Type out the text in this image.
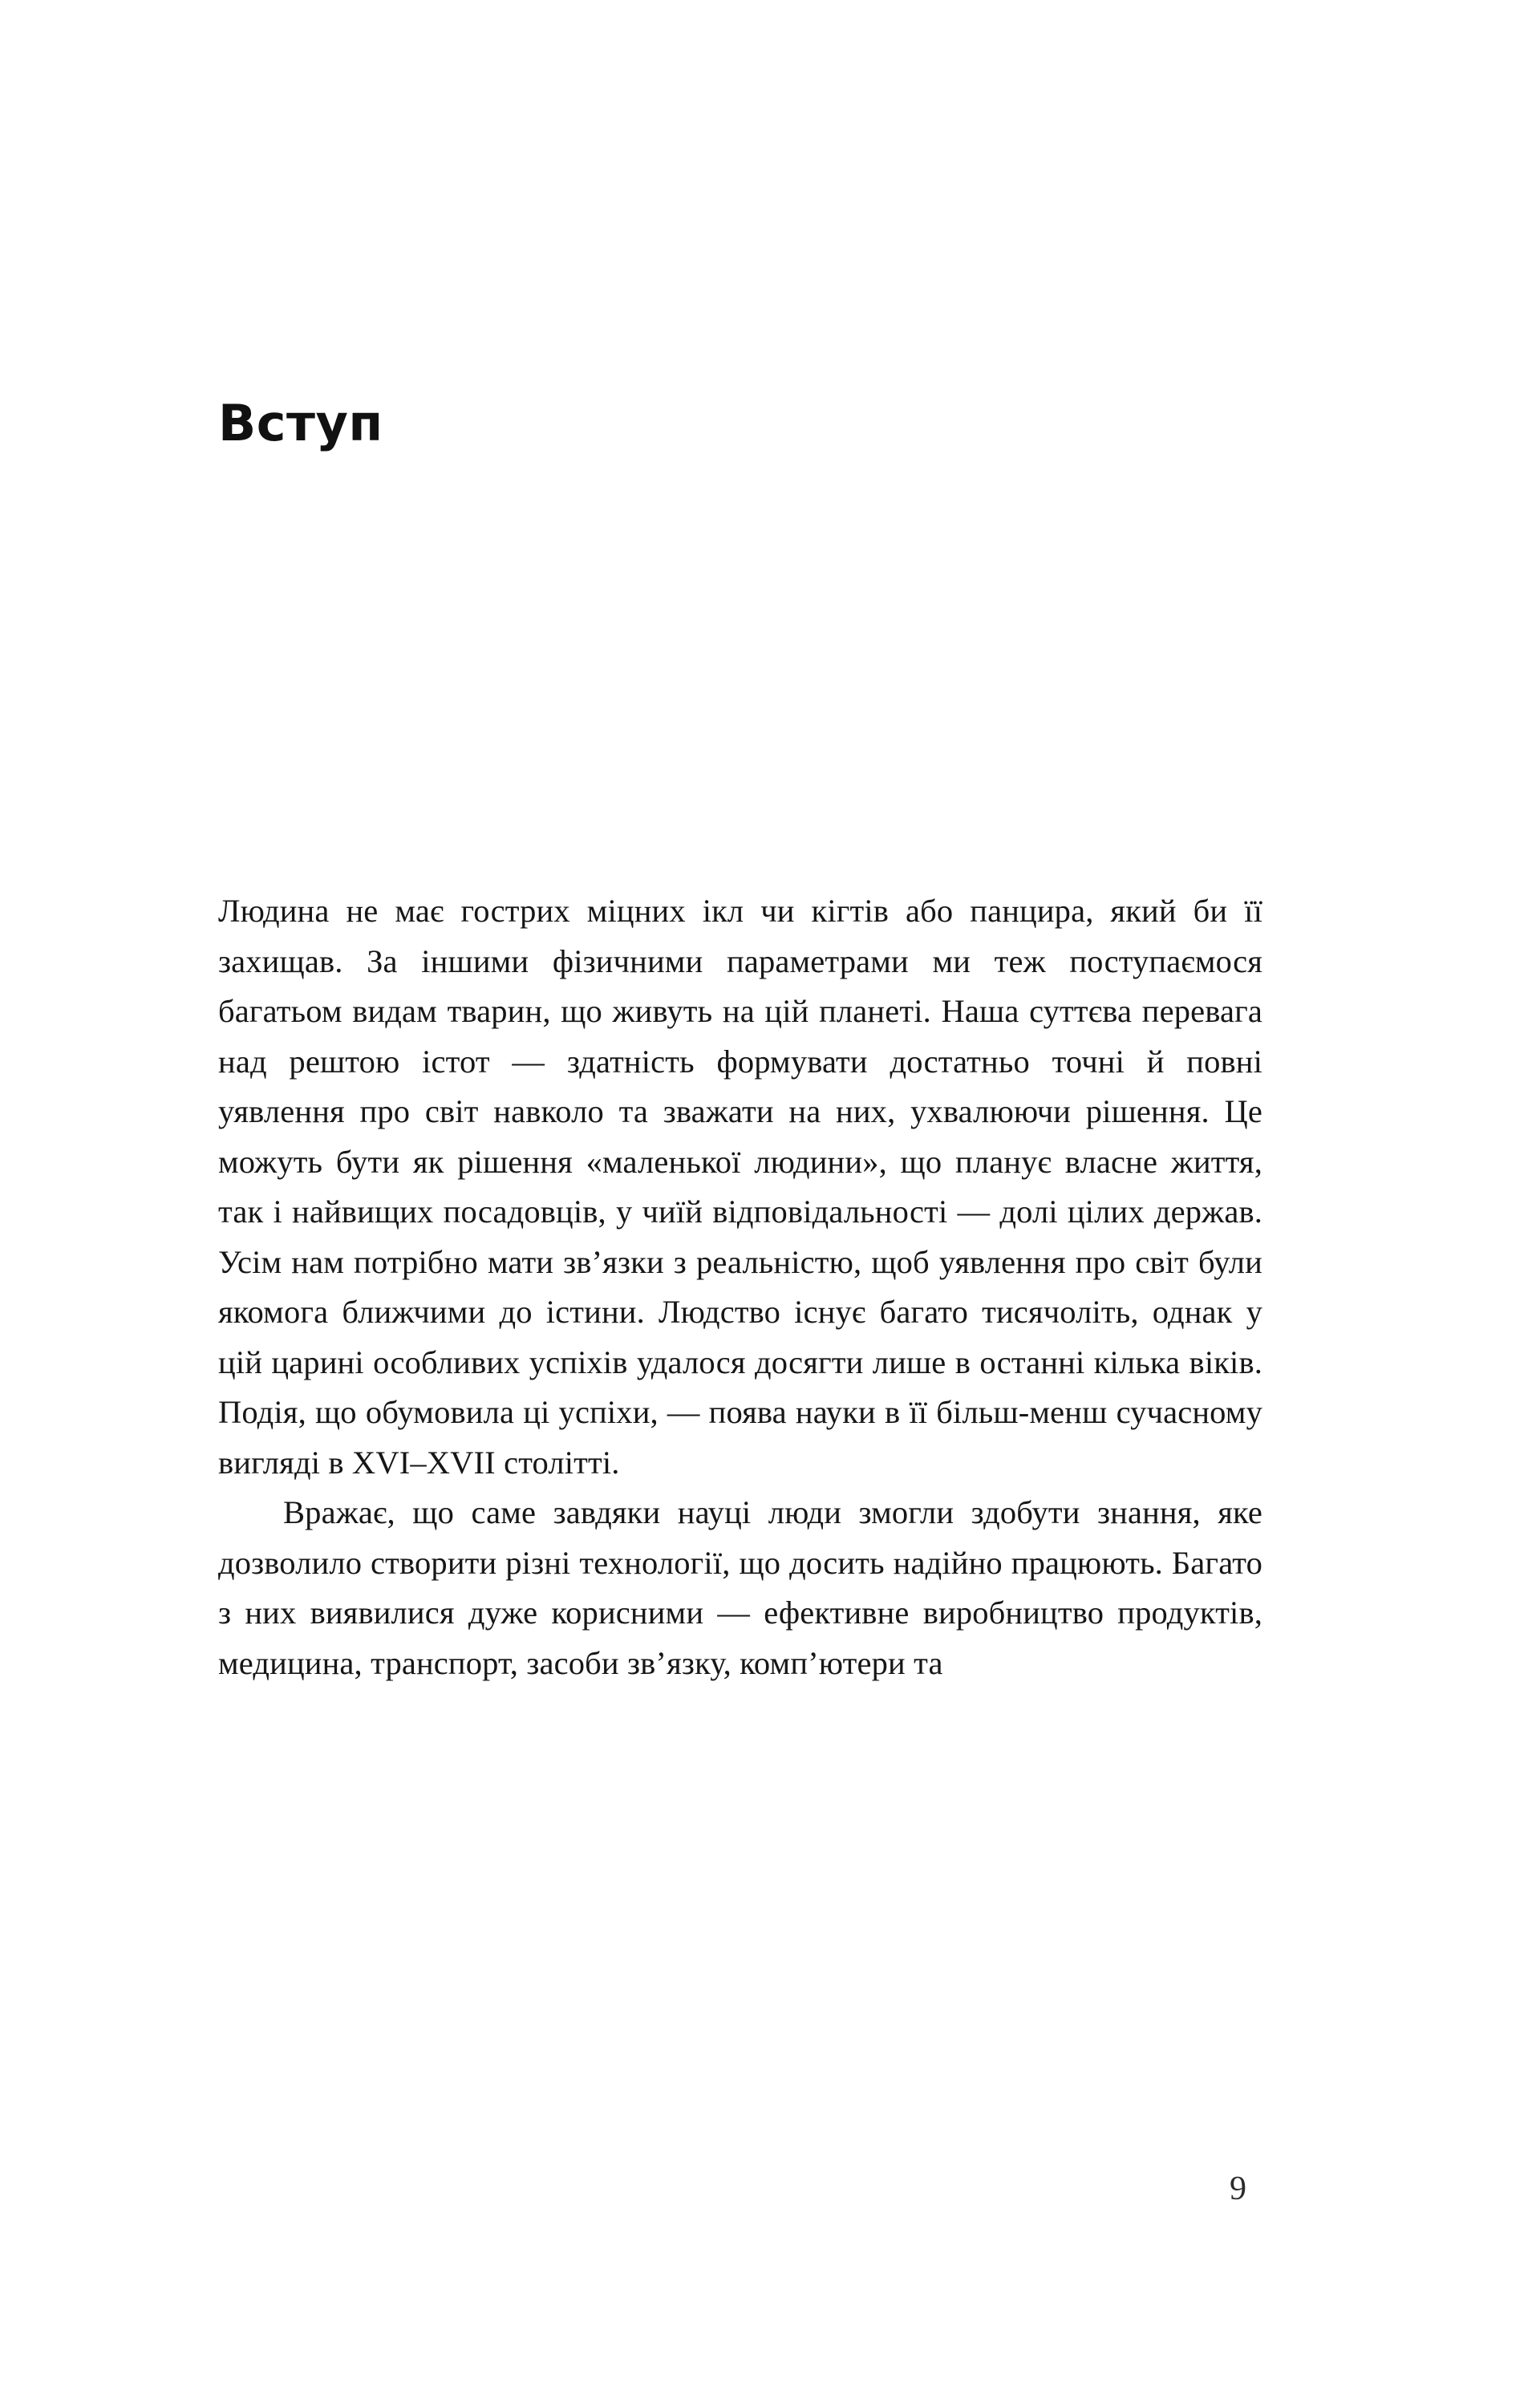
Вступ

Людина не має гострих міцних ікл чи кігтів або панцира, який би її захищав. За іншими фізичними параметрами ми теж поступаємося багатьом видам тварин, що живуть на цій планеті. Наша суттєва перевага над рештою істот — здатність формувати достатньо точні й повні уявлення про світ навколо та зважати на них, ухвалюючи рішення. Це можуть бути як рішення «маленької людини», що планує власне життя, так і найвищих посадовців, у чиїй відповідальності — долі цілих держав. Усім нам потрібно мати зв’язки з реальністю, щоб уявлення про світ були якомога ближчими до істини. Людство існує багато тисячоліть, однак у цій царині особливих успіхів удалося досягти лише в останні кілька віків. Подія, що обумовила ці успіхи, — поява науки в її більш-менш сучасному вигляді в XVI–XVII столітті.

Вражає, що саме завдяки науці люди змогли здобути знання, яке дозволило створити різні технології, що досить надійно працюють. Багато з них виявилися дуже корисними — ефективне виробництво продуктів, медицина, транспорт, засоби зв’язку, комп’ютери та

9
